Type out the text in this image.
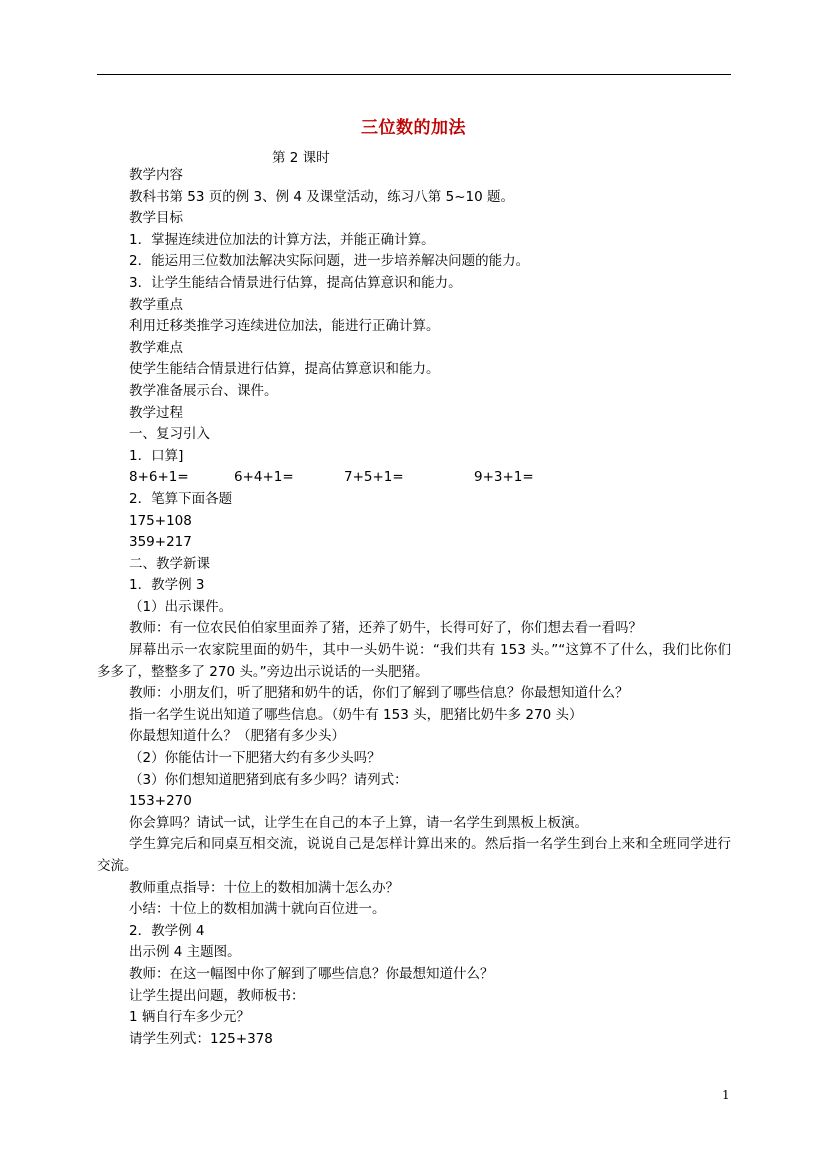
三位数的加法
第 2 课时
教学内容
教科书第 53 页的例 3、例 4 及课堂活动，练习八第 5~10 题。
教学目标
1．掌握连续进位加法的计算方法，并能正确计算。
2．能运用三位数加法解决实际问题，进一步培养解决问题的能力。
3．让学生能结合情景进行估算，提高估算意识和能力。
教学重点
利用迁移类推学习连续进位加法，能进行正确计算。
教学难点
使学生能结合情景进行估算，提高估算意识和能力。
教学准备展示台、课件。
教学过程
一、复习引入
1．口算]
8+6+1=	6+4+1=	7+5+1=	9+3+1=
2．笔算下面各题
175+108
359+217
二、教学新课
1．教学例 3
（1）出示课件。
教师：有一位农民伯伯家里面养了猪，还养了奶牛，长得可好了，你们想去看一看吗？
屏幕出示一农家院里面的奶牛，其中一头奶牛说：“我们共有 153 头。”“这算不了什么，我们比你们多多了，整整多了 270 头。”旁边出示说话的一头肥猪。
教师：小朋友们，听了肥猪和奶牛的话，你们了解到了哪些信息？你最想知道什么？
指一名学生说出知道了哪些信息。（奶牛有 153 头，肥猪比奶牛多 270 头）
你最想知道什么？（肥猪有多少头）
（2）你能估计一下肥猪大约有多少头吗？
（3）你们想知道肥猪到底有多少吗？请列式：
153+270
你会算吗？请试一试，让学生在自己的本子上算，请一名学生到黑板上板演。
学生算完后和同桌互相交流，说说自己是怎样计算出来的。然后指一名学生到台上来和全班同学进行交流。
教师重点指导：十位上的数相加满十怎么办？
小结：十位上的数相加满十就向百位进一。
2．教学例 4
出示例 4 主题图。
教师：在这一幅图中你了解到了哪些信息？你最想知道什么？
让学生提出问题，教师板书：
1 辆自行车多少元？
请学生列式：125+378
1
